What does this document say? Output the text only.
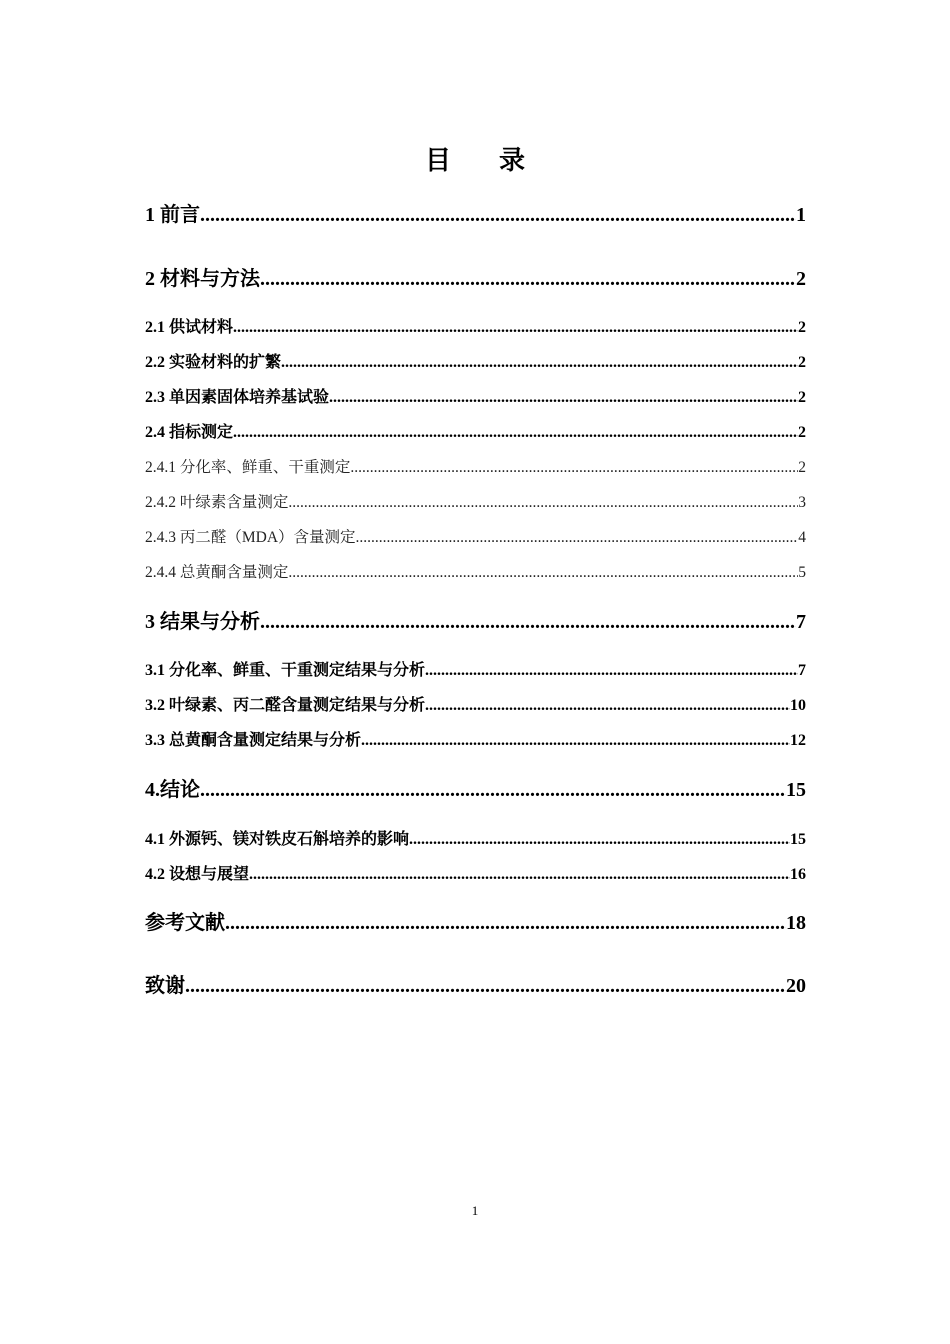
目 录
1 前言 .....	1
2 材料与方法 .....	2
2.1 供试材料 .....	2
2.2 实验材料的扩繁 .....	2
2.3 单因素固体培养基试验 .....	2
2.4 指标测定 .....	2
2.4.1 分化率、鲜重、干重测定 .....	2
2.4.2 叶绿素含量测定 .....	3
2.4.3 丙二醛（MDA）含量测定 .....	4
2.4.4 总黄酮含量测定 .....	5
3 结果与分析 .....	7
3.1 分化率、鲜重、干重测定结果与分析 .....	7
3.2 叶绿素、丙二醛含量测定结果与分析 .....	10
3.3 总黄酮含量测定结果与分析 .....	12
4.结论 .....	15
4.1 外源钙、镁对铁皮石斛培养的影响 .....	15
4.2 设想与展望 .....	16
参考文献 .....	18
致谢 .....	20
1
